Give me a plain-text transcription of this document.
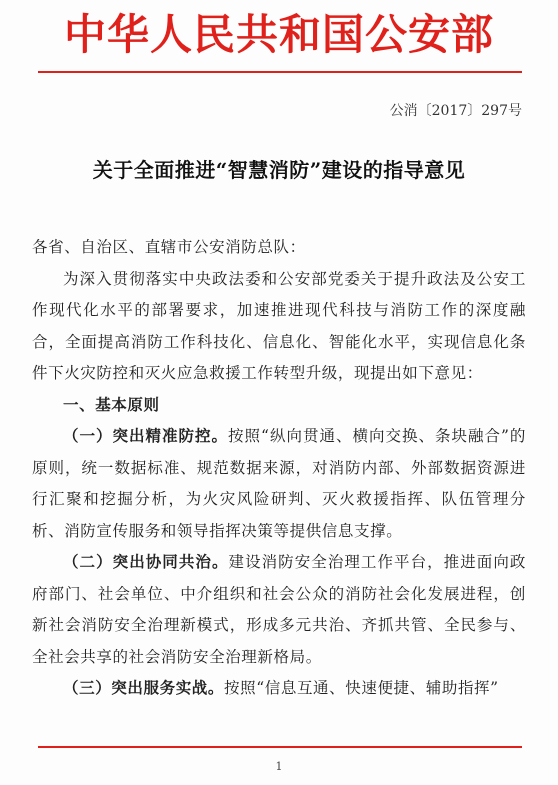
中华人民共和国公安部
公消〔2017〕297号
关于全面推进“智慧消防”建设的指导意见

各省、自治区、直辖市公安消防总队：

为深入贯彻落实中央政法委和公安部党委关于提升政法及公安工作现代化水平的部署要求，加速推进现代科技与消防工作的深度融合，全面提高消防工作科技化、信息化、智能化水平，实现信息化条件下火灾防控和灭火应急救援工作转型升级，现提出如下意见：

一、基本原则

（一）突出精准防控。按照“纵向贯通、横向交换、条块融合”的原则，统一数据标准、规范数据来源，对消防内部、外部数据资源进行汇聚和挖掘分析，为火灾风险研判、灭火救援指挥、队伍管理分析、消防宣传服务和领导指挥决策等提供信息支撑。

（二）突出协同共治。建设消防安全治理工作平台，推进面向政府部门、社会单位、中介组织和社会公众的消防社会化发展进程，创新社会消防安全治理新模式，形成多元共治、齐抓共管、全民参与、全社会共享的社会消防安全治理新格局。

（三）突出服务实战。按照“信息互通、快速便捷、辅助指挥”

1
